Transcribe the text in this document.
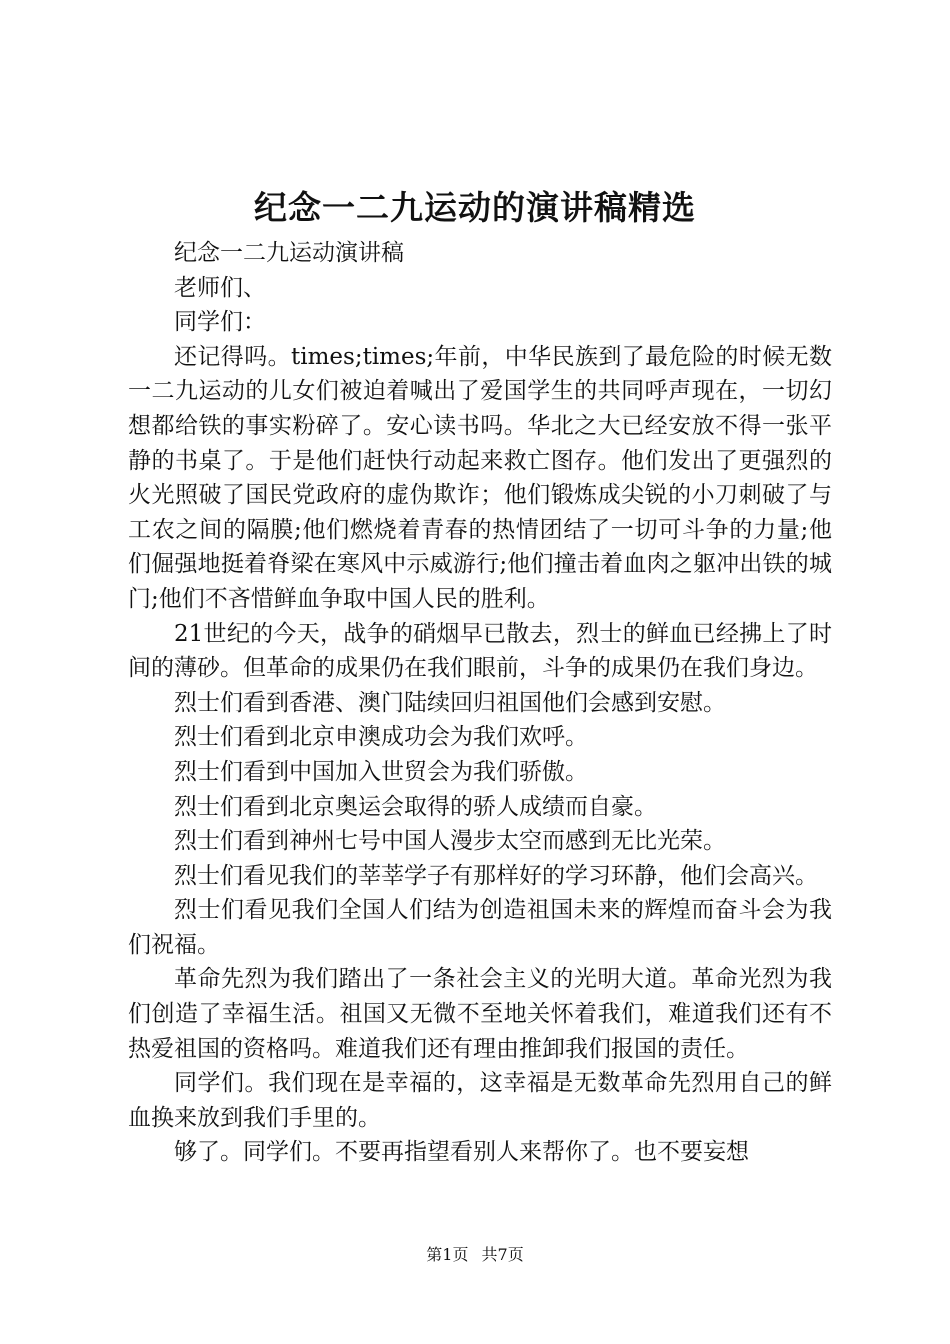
纪念一二九运动的演讲稿精选

纪念一二九运动演讲稿

老师们、

同学们：

还记得吗。times;times;年前，中华民族到了最危险的时候无数一二九运动的儿女们被迫着喊出了爱国学生的共同呼声现在，一切幻想都给铁的事实粉碎了。安心读书吗。华北之大已经安放不得一张平静的书桌了。于是他们赶快行动起来救亡图存。他们发出了更强烈的火光照破了国民党政府的虚伪欺诈；他们锻炼成尖锐的小刀刺破了与工农之间的隔膜;他们燃烧着青春的热情团结了一切可斗争的力量;他们倔强地挺着脊梁在寒风中示威游行;他们撞击着血肉之躯冲出铁的城门;他们不吝惜鲜血争取中国人民的胜利。

21世纪的今天，战争的硝烟早已散去，烈士的鲜血已经拂上了时间的薄砂。但革命的成果仍在我们眼前，斗争的成果仍在我们身边。

烈士们看到香港、澳门陆续回归祖国他们会感到安慰。

烈士们看到北京申澳成功会为我们欢呼。

烈士们看到中国加入世贸会为我们骄傲。

烈士们看到北京奥运会取得的骄人成绩而自豪。

烈士们看到神州七号中国人漫步太空而感到无比光荣。

烈士们看见我们的莘莘学子有那样好的学习环静，他们会高兴。

烈士们看见我们全国人们结为创造祖国未来的辉煌而奋斗会为我们祝福。

革命先烈为我们踏出了一条社会主义的光明大道。革命光烈为我们创造了幸福生活。祖国又无微不至地关怀着我们，难道我们还有不热爱祖国的资格吗。难道我们还有理由推卸我们报国的责任。

同学们。我们现在是幸福的，这幸福是无数革命先烈用自己的鲜血换来放到我们手里的。

够了。同学们。不要再指望看别人来帮你了。也不要妄想

第1页 共7页
